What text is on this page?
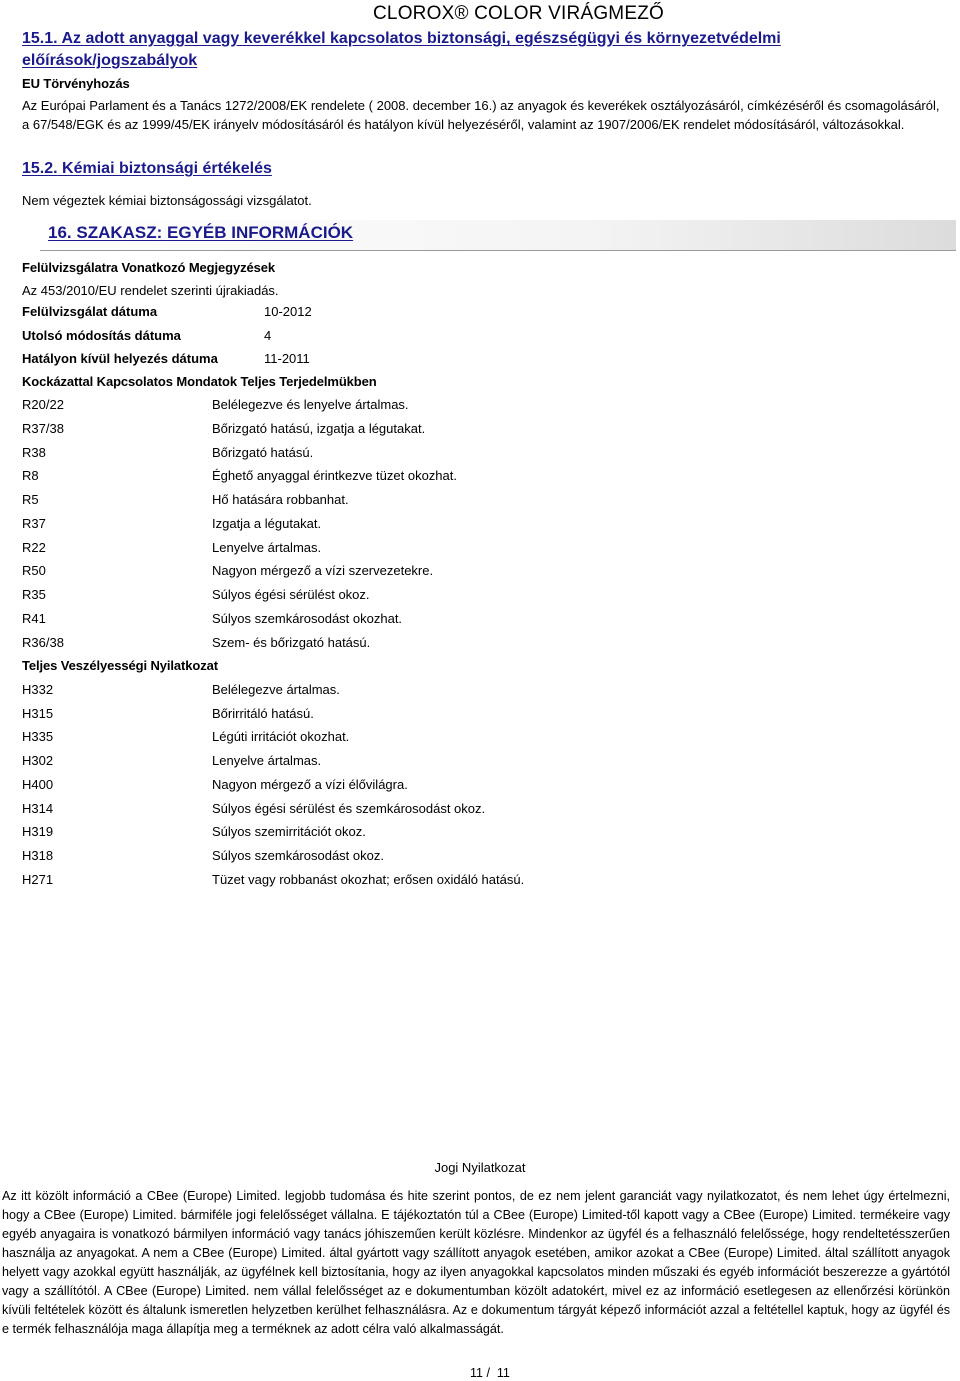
CLOROX® COLOR VIRÁGMEZŐ
15.1. Az adott anyaggal vagy keverékkel kapcsolatos biztonsági, egészségügyi és környezetvédelmi előírások/jogszabályok
EU Törvényhozás
Az Európai Parlament és a Tanács 1272/2008/EK rendelete ( 2008. december 16.) az anyagok és keverékek osztályozásáról, címkézéséről és csomagolásáról, a 67/548/EGK és az 1999/45/EK irányelv módosításáról és hatályon kívül helyezéséről, valamint az 1907/2006/EK rendelet módosításáról, változásokkal.
15.2. Kémiai biztonsági értékelés
Nem végeztek kémiai biztonságossági vizsgálatot.
16. SZAKASZ: EGYÉB INFORMÁCIÓK
Felülvizsgálatra Vonatkozó Megjegyzések
Az 453/2010/EU rendelet szerinti újrakiadás.
Felülvizsgálat dátuma	10-2012
Utolsó módosítás dátuma	4
Hatályon kívül helyezés dátuma	11-2011
Kockázattal Kapcsolatos Mondatok Teljes Terjedelmükben
R20/22	Belélegezve és lenyelve ártalmas.
R37/38	Bőrizgató hatású, izgatja a légutakat.
R38	Bőrizgató hatású.
R8	Éghető anyaggal érintkezve tüzet okozhat.
R5	Hő hatására robbanhat.
R37	Izgatja a légutakat.
R22	Lenyelve ártalmas.
R50	Nagyon mérgező a vízi szervezetekre.
R35	Súlyos égési sérülést okoz.
R41	Súlyos szemkárosodást okozhat.
R36/38	Szem- és bőrizgató hatású.
Teljes Veszélyességi Nyilatkozat
H332	Belélegezve ártalmas.
H315	Bőrirritáló hatású.
H335	Légúti irritációt okozhat.
H302	Lenyelve ártalmas.
H400	Nagyon mérgező a vízi élővilágra.
H314	Súlyos égési sérülést és szemkárosodást okoz.
H319	Súlyos szemirritációt okoz.
H318	Súlyos szemkárosodást okoz.
H271	Tüzet vagy robbanást okozhat; erősen oxidáló hatású.
Jogi Nyilatkozat
Az itt közölt információ a CBee (Europe) Limited. legjobb tudomása és hite szerint pontos, de ez nem jelent garanciát vagy nyilatkozatot, és nem lehet úgy értelmezni, hogy a CBee (Europe) Limited. bármiféle jogi felelősséget vállalna. E tájékoztatón túl a CBee (Europe) Limited-től kapott vagy a CBee (Europe) Limited. termékeire vagy egyéb anyagaira is vonatkozó bármilyen információ vagy tanács jóhiszeműen került közlésre. Mindenkor az ügyfél és a felhasználó felelőssége, hogy rendeltetésszerűen használja az anyagokat. A nem a CBee (Europe) Limited. által gyártott vagy szállított anyagok esetében, amikor azokat a CBee (Europe) Limited. által szállított anyagok helyett vagy azokkal együtt használják, az ügyfélnek kell biztosítania, hogy az ilyen anyagokkal kapcsolatos minden műszaki és egyéb információt beszerezze a gyártótól vagy a szállítótól. A CBee (Europe) Limited. nem vállal felelősséget az e dokumentumban közölt adatokért, mivel ez az információ esetlegesen az ellenőrzési körünkön kívüli feltételek között és általunk ismeretlen helyzetben kerülhet felhasználásra. Az e dokumentum tárgyát képező információt azzal a feltétellel kaptuk, hogy az ügyfél és e termék felhasználója maga állapítja meg a terméknek az adott célra való alkalmasságát.
11 /  11
